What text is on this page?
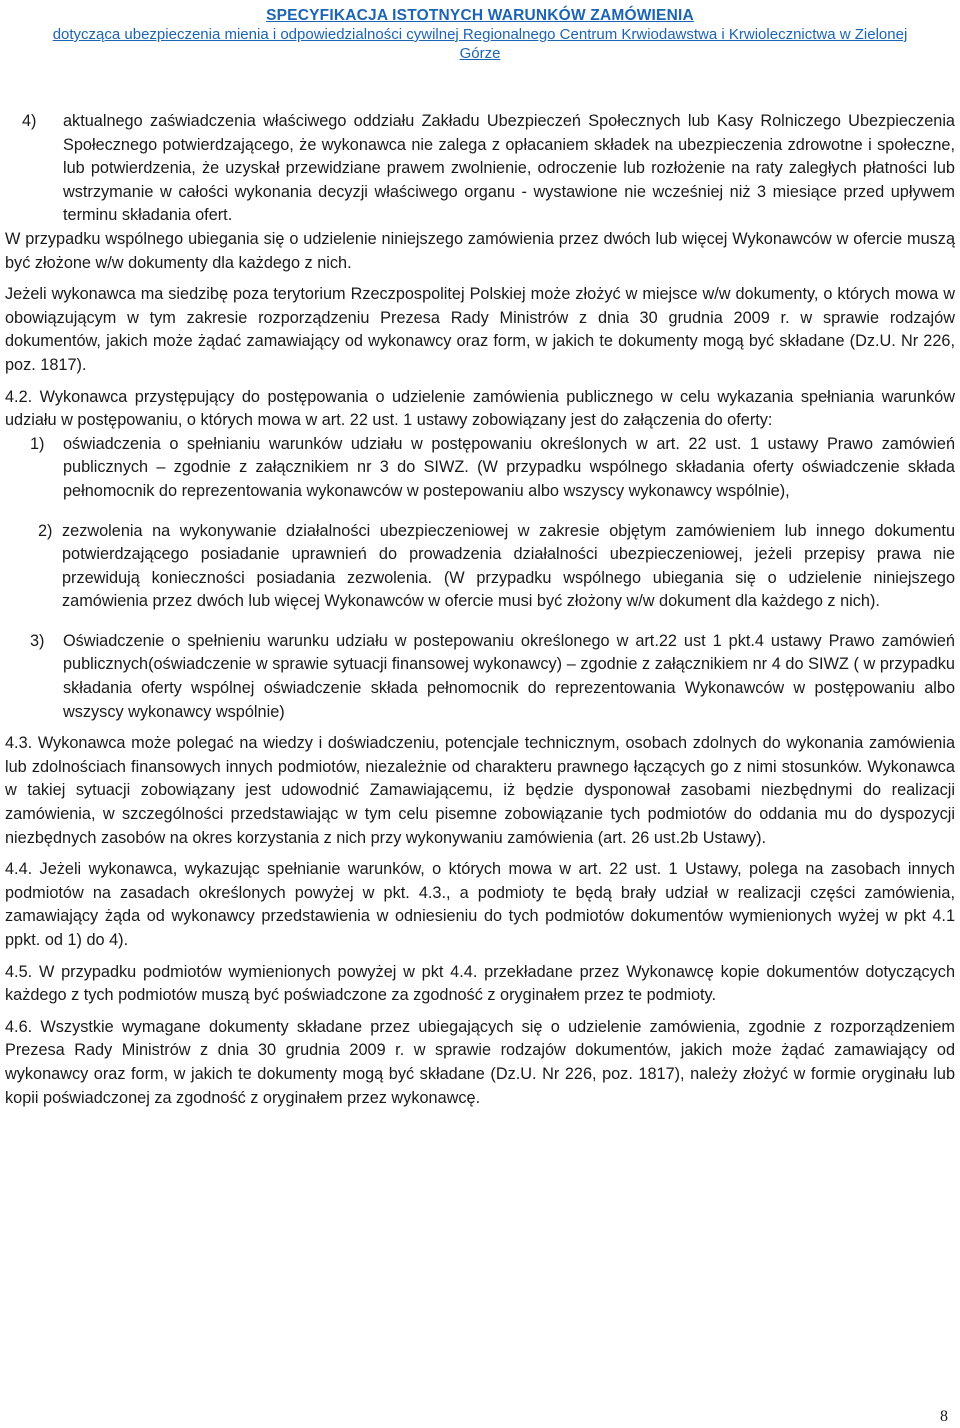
SPECYFIKACJA ISTOTNYCH WARUNKÓW ZAMÓWIENIA
dotycząca ubezpieczenia mienia i odpowiedzialności cywilnej Regionalnego Centrum Krwiodawstwa i Krwiolecznictwa w Zielonej
Górze
4)	aktualnego zaświadczenia właściwego oddziału Zakładu Ubezpieczeń Społecznych lub Kasy Rolniczego Ubezpieczenia Społecznego potwierdzającego, że wykonawca nie zalega z opłacaniem składek na ubezpieczenia zdrowotne i społeczne, lub potwierdzenia, że uzyskał przewidziane prawem zwolnienie, odroczenie lub rozłożenie na raty zaległych płatności lub wstrzymanie w całości wykonania decyzji właściwego organu - wystawione nie wcześniej niż 3 miesiące przed upływem terminu składania ofert.

W przypadku wspólnego ubiegania się o udzielenie niniejszego zamówienia przez dwóch lub więcej Wykonawców w ofercie muszą być złożone w/w dokumenty dla każdego z nich.

Jeżeli wykonawca ma siedzibę poza terytorium Rzeczpospolitej Polskiej może złożyć w miejsce w/w dokumenty, o których mowa w obowiązującym w tym zakresie rozporządzeniu Prezesa Rady Ministrów z dnia 30 grudnia 2009 r. w sprawie rodzajów dokumentów, jakich może żądać zamawiający od wykonawcy oraz form, w jakich te dokumenty mogą być składane (Dz.U. Nr 226, poz. 1817).

4.2. Wykonawca przystępujący do postępowania o udzielenie zamówienia publicznego w celu wykazania spełniania warunków udziału w postępowaniu, o których mowa w art. 22 ust. 1 ustawy zobowiązany jest do załączenia do oferty:

1)	oświadczenia o spełnianiu warunków udziału w postępowaniu określonych w art. 22 ust. 1 ustawy Prawo zamówień publicznych – zgodnie z załącznikiem nr 3 do SIWZ. (W przypadku wspólnego składania oferty oświadczenie składa pełnomocnik do reprezentowania wykonawców w postepowaniu albo wszyscy wykonawcy wspólnie),
2) zezwolenia na wykonywanie działalności ubezpieczeniowej w zakresie objętym zamówieniem lub innego dokumentu potwierdzającego posiadanie uprawnień do prowadzenia działalności ubezpieczeniowej, jeżeli przepisy prawa nie przewidują konieczności posiadania zezwolenia. (W przypadku wspólnego ubiegania się o udzielenie niniejszego zamówienia przez dwóch lub więcej Wykonawców w ofercie musi być złożony w/w dokument dla każdego z nich).
3)	Oświadczenie o spełnieniu warunku udziału w postepowaniu określonego w art.22 ust 1 pkt.4 ustawy Prawo zamówień publicznych(oświadczenie w sprawie sytuacji finansowej wykonawcy) – zgodnie z załącznikiem nr 4 do SIWZ ( w przypadku składania oferty wspólnej oświadczenie składa pełnomocnik do reprezentowania Wykonawców w postępowaniu albo wszyscy wykonawcy wspólnie)

4.3. Wykonawca może polegać na wiedzy i doświadczeniu, potencjale technicznym, osobach zdolnych do wykonania zamówienia lub zdolnościach finansowych innych podmiotów, niezależnie od charakteru prawnego łączących go z nimi stosunków. Wykonawca w takiej sytuacji zobowiązany jest udowodnić Zamawiającemu, iż będzie dysponował zasobami niezbędnymi do realizacji zamówienia, w szczególności przedstawiając w tym celu pisemne zobowiązanie tych podmiotów do oddania mu do dyspozycji niezbędnych zasobów na okres korzystania z nich przy wykonywaniu zamówienia (art. 26 ust.2b Ustawy).

4.4. Jeżeli wykonawca, wykazując spełnianie warunków, o których mowa w art. 22 ust. 1 Ustawy, polega na zasobach innych podmiotów na zasadach określonych powyżej w pkt. 4.3., a podmioty te będą brały udział w realizacji części zamówienia, zamawiający żąda od wykonawcy przedstawienia w odniesieniu do tych podmiotów dokumentów wymienionych wyżej w pkt 4.1 ppkt. od 1) do 4).

4.5. W przypadku podmiotów wymienionych powyżej w pkt 4.4. przekładane przez Wykonawcę kopie dokumentów dotyczących każdego z tych podmiotów muszą być poświadczone za zgodność z oryginałem przez te podmioty.

4.6. Wszystkie wymagane dokumenty składane przez ubiegających się o udzielenie zamówienia, zgodnie z rozporządzeniem Prezesa Rady Ministrów z dnia 30 grudnia 2009 r. w sprawie rodzajów dokumentów, jakich może żądać zamawiający od wykonawcy oraz form, w jakich te dokumenty mogą być składane (Dz.U. Nr 226, poz. 1817), należy złożyć w formie oryginału lub kopii poświadczonej za zgodność z oryginałem przez wykonawcę.

8
